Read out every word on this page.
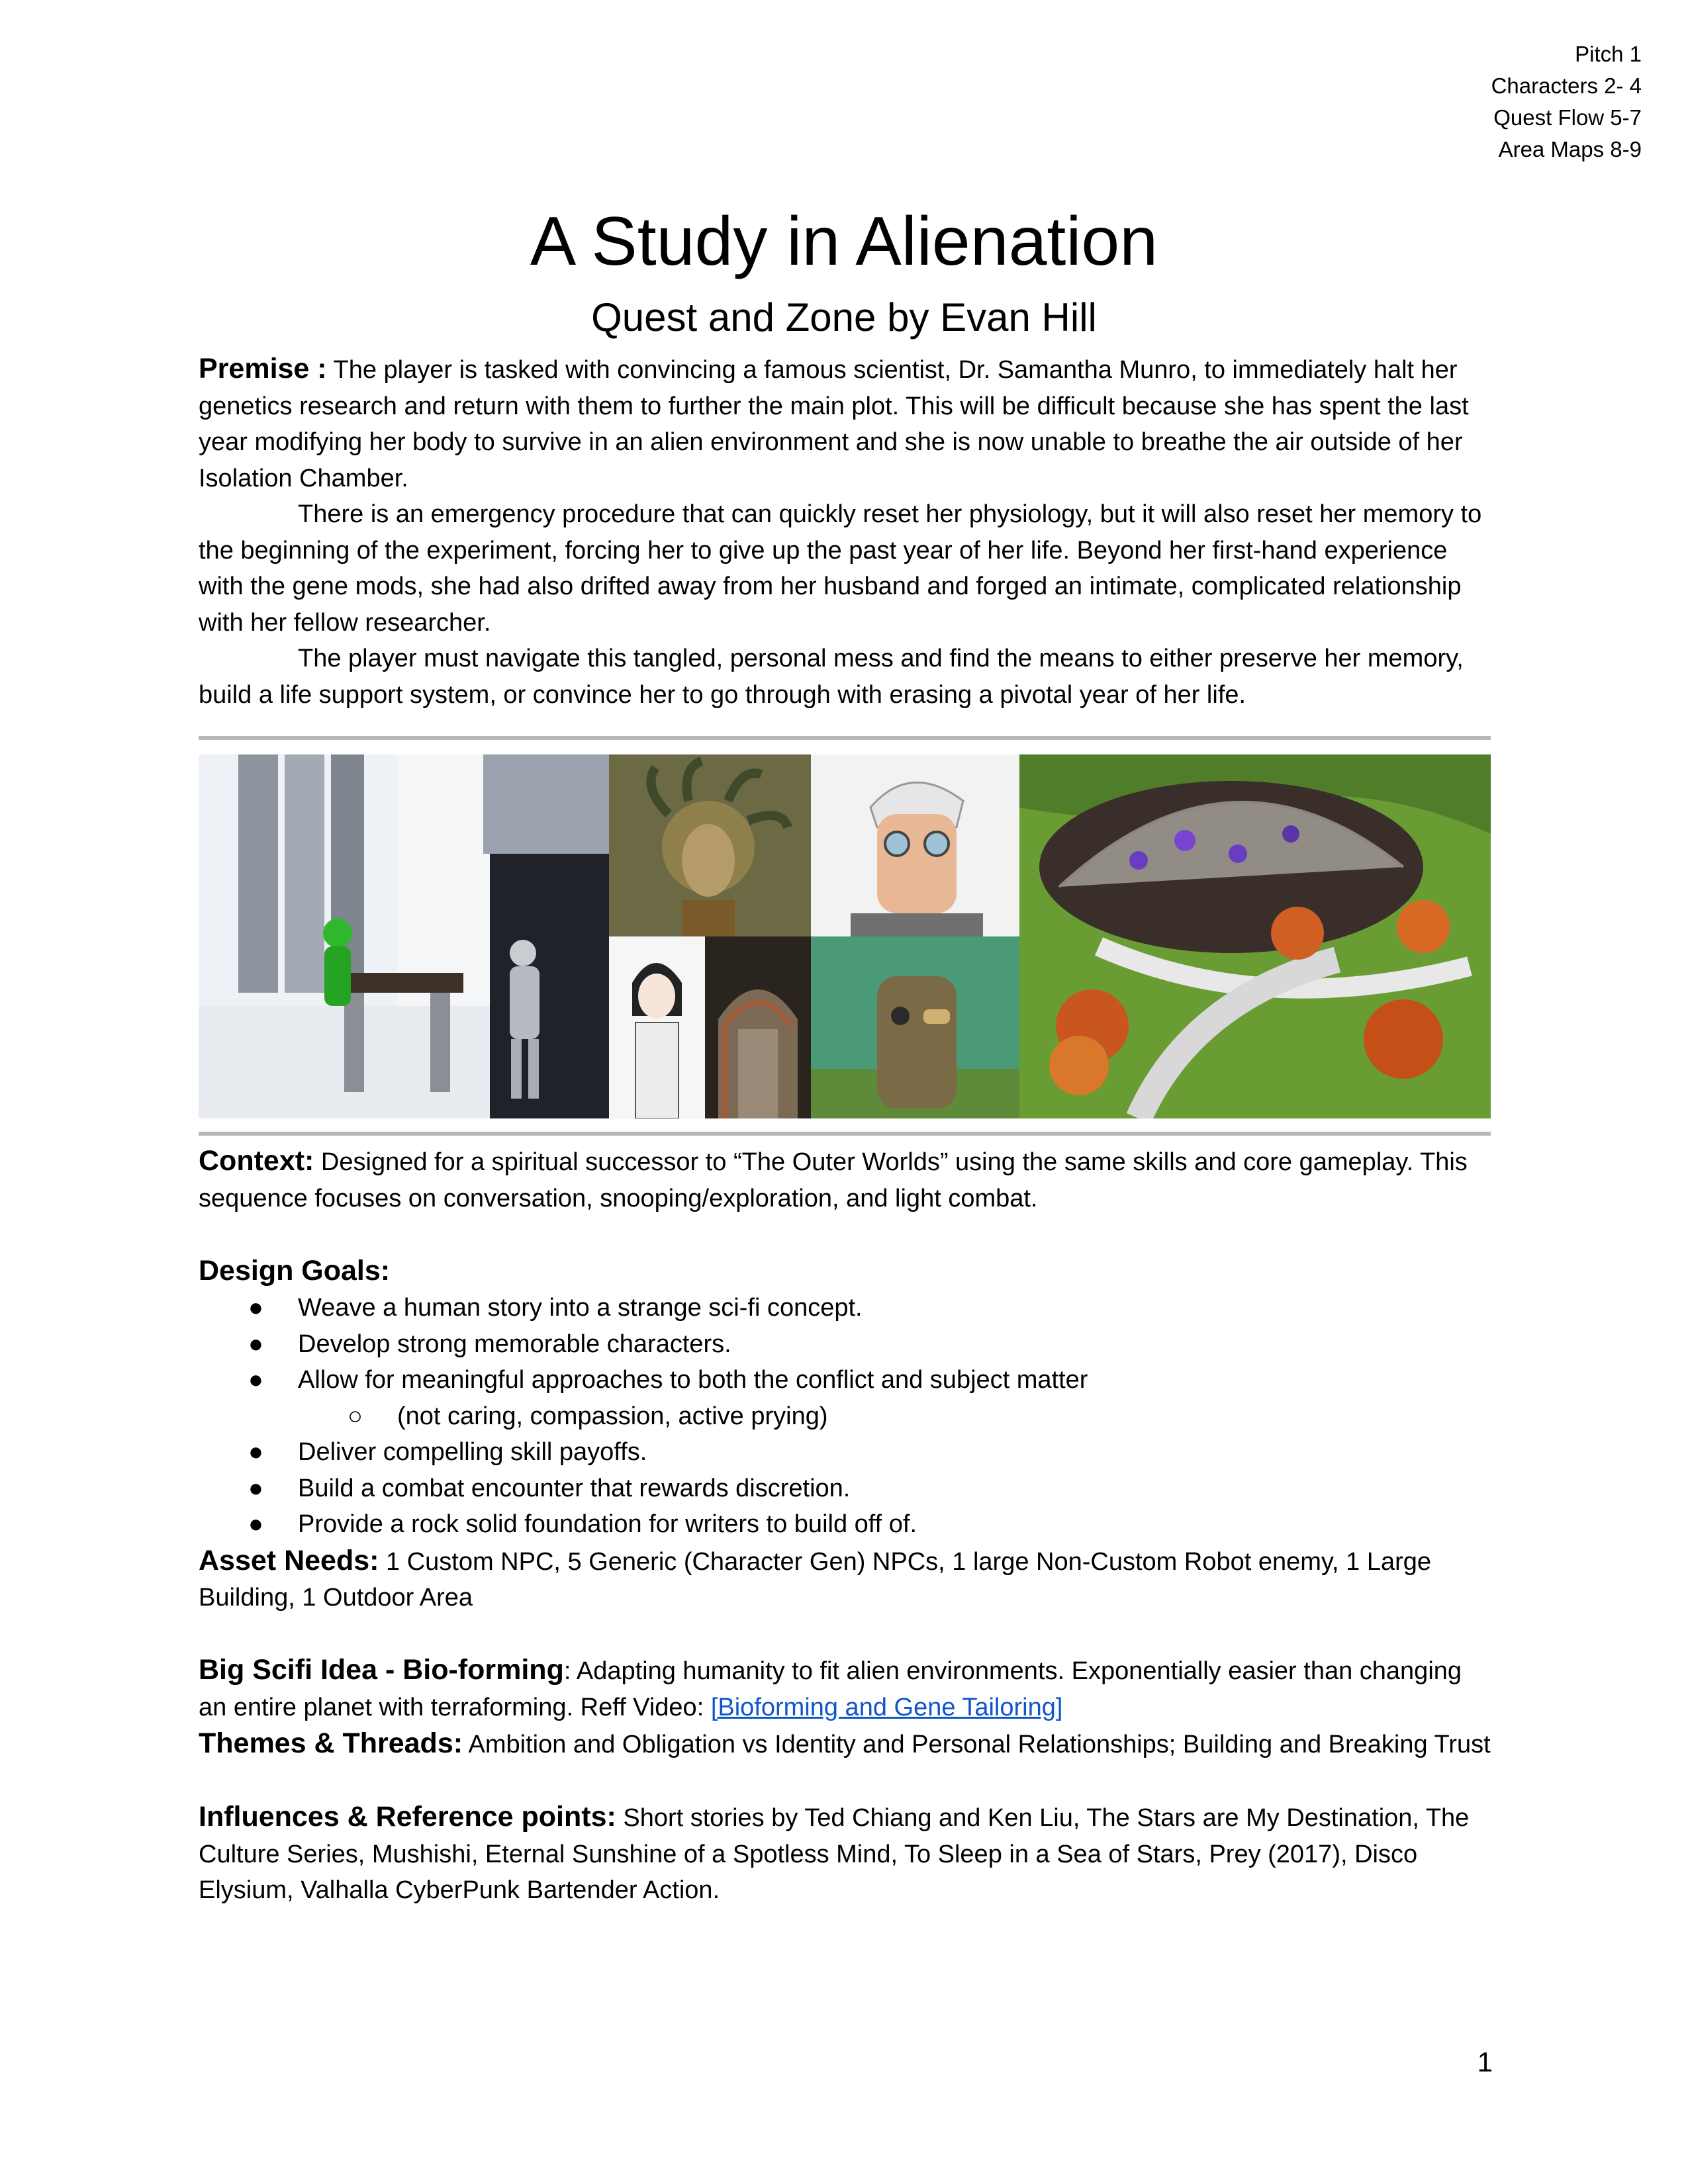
Pitch 1
Characters 2- 4
Quest Flow 5-7
Area Maps 8-9
A Study in Alienation
Quest and Zone by Evan Hill

Premise : The player is tasked with convincing a famous scientist, Dr. Samantha Munro, to immediately halt her genetics research and return with them to further the main plot. This will be difficult because she has spent the last year modifying her body to survive in an alien environment and she is now unable to breathe the air outside of her Isolation Chamber.

There is an emergency procedure that can quickly reset her physiology, but it will also reset her memory to the beginning of the experiment, forcing her to give up the past year of her life. Beyond her first-hand experience with the gene mods, she had also drifted away from her husband and forged an intimate, complicated relationship with her fellow researcher.

The player must navigate this tangled, personal mess and find the means to either preserve her memory, build a life support system, or convince her to go through with erasing a pivotal year of her life.

Context: Designed for a spiritual successor to “The Outer Worlds” using the same skills and core gameplay. This sequence focuses on conversation, snooping/exploration, and light combat.

Design Goals:

● Weave a human story into a strange sci-fi concept.
● Develop strong memorable characters.
● Allow for meaningful approaches to both the conflict and subject matter
○ (not caring, compassion, active prying)
● Deliver compelling skill payoffs.
● Build a combat encounter that rewards discretion.
● Provide a rock solid foundation for writers to build off of.

Asset Needs: 1 Custom NPC, 5 Generic (Character Gen) NPCs, 1 large Non-Custom Robot enemy, 1 Large Building, 1 Outdoor Area

Big Scifi Idea - Bio-forming: Adapting humanity to fit alien environments. Exponentially easier than changing an entire planet with terraforming. Reff Video: [Bioforming and Gene Tailoring]

Themes & Threads: Ambition and Obligation vs Identity and Personal Relationships; Building and Breaking Trust

Influences & Reference points: Short stories by Ted Chiang and Ken Liu, The Stars are My Destination, The Culture Series, Mushishi, Eternal Sunshine of a Spotless Mind, To Sleep in a Sea of Stars, Prey (2017), Disco Elysium, Valhalla CyberPunk Bartender Action.

1
